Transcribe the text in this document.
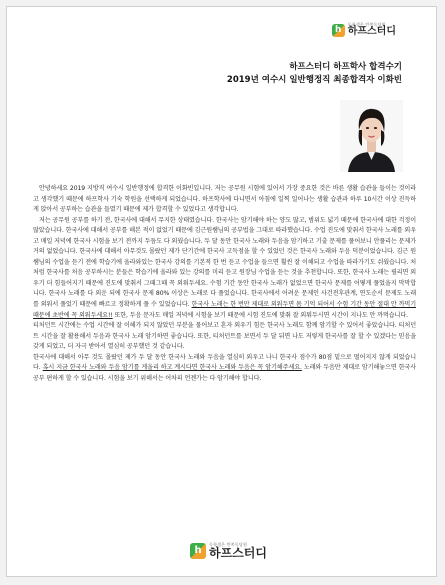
h	독학생은 반쪽독당원
하프스터디
하프스터디 하프학사 합격수기
2019년 여수시 일반행정직 최종합격자 이화빈

안녕하세요 2019 지방직 여수시 일반행정에 합격한 이화빈입니다. 저는 공무원 시험에 있어서 가장 중요한 것은 바른 생활 습관을 들이는 것이라고 생각했기 때문에 하프학사 기숙 학원을 선택하게 되었습니다. 하프학사에 다니면서 아침에 일찍 일어나는 생활 습관과 하루 10시간 이상 진득하게 앉아서 공부하는 습관을 들였기 때문에 제가 합격할 수 있었다고 생각합니다.

저는 공무원 공부를 하기 전, 한국사에 대해서 무지한 상태였습니다. 한국사는 암기해야 하는 양도 많고, 범위도 넓기 때문에 한국사에 대한 걱정이 많았습니다. 한국사에 대해서 공부를 해본 적이 없었기 때문에 김근원쌤님의 공부법을 그대로 따라했습니다. 수업 진도에 맞춰서 한국사 노래를 외우고 매일 저녁에 한국사 시험을 보기 전까지 두듬도 다 외웠습니다. 두 달 동안 한국사 노래와 두음을 암기하고 기출 문제를 풀어보니 안풀리는 문제가 거의 없었습니다. 한국사에 대해서 아무것도 몰랐던 제가 단기간에 한국사 고득점을 할 수 있었던 것은 한국사 노래와 두음 덕분이었습니다. 김근 원쌤님의 수업을 듣기 전에 학습기에 올라와있는 한국사 강의를 기본적 한 번 듣고 수업을 들으면 훨씬 잘 이해되고 수업을 따라가기도 쉬웠습니다. 처처럼 한국사를 처음 공부하시는 분들은 학습기에 올라와 있는 강의를 미리 듣고 원장님 수업을 듣는 것을 추천합니다. 또한, 한국사 노래는 필리면 외우기 더 힘들어지기 때문에 진도에 맞춰서 그때그때 꼭 외워두세요. 수험 기간 동안 한국사 노래가 없었으면 한국사 문제를 어떻게 풀었을지 막막합니다. 한국사 노래를 다 외운 되에 한국사 문제 80% 이상은 노래로 다 풀었습니다. 한국사에서 어려운 문제인 사건전후관계, 연도순서 문제도 노래를 외워서 풀었기 때문에 빠르고 정확하게 풀 수 있었습니다. 한국사 노래는 한 번만 제대로 외워두면 몸 기억 되어서 수험 기간 동안 절대 안 까먹기 때문에 초반에 꼭 외워두세요!! 또한, 두음 문자도 매일 저녁에 시험을 보기 때문에 시험 진도에 맞춰 잘 외워두시면 시간이 지나도 안 까먹습니다.

티처던트 시간에는 수업 시간에 잘 이해가 되지 않았던 부분을 물어보고 혼자 외우기 힘든 한국사 노래도 함께 암기할 수 있어서 좋았습니다. 티처던트 시간을 잘 활용해서 두음과 한국사 노래 암기하면 좋습니다. 또한, 티처던트를 보면서 두 달 뒤면 나도 저렇게 한국사를 잘 할 수 있겠다는 믿음을 갖게 되었고, 더 자극 받아서 열심히 공부했던 것 같습니다.

한국사에 대해서 아무 것도 몰랐던 제가 두 달 동안 한국사 노래와 두음을 열심히 외우고 나니 한국사 점수가 80점 밑으로 떨어지지 않게 되었습니다. 혹시 지금 한국사 노래와 두음 암기를 게을리 하고 계시다면 한국사 노래와 두음은 꼭 암기해주세요. 노래와 두음만 제대로 암기해놓으면 한국사 공부 편하게 할 수 있습니다. 시험을 보기 위해서는 어차피 언젠가는 다 암기해야 합니다.

h
독학생은 반쪽독당원
하프스터디
